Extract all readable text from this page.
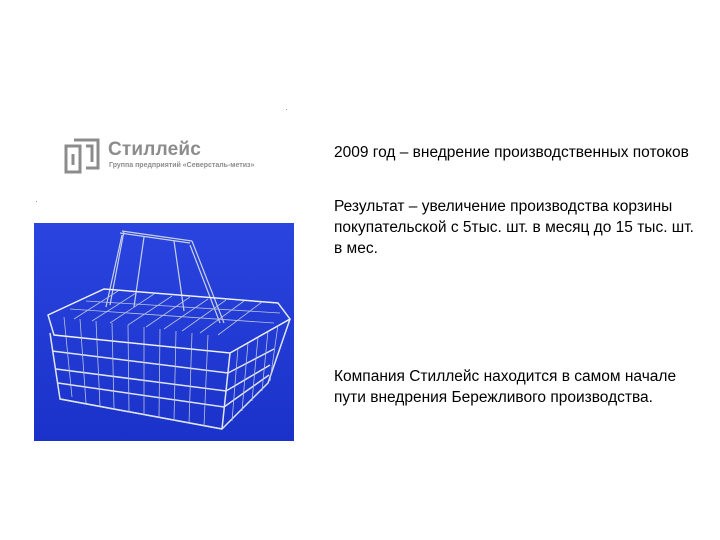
Стиллейс
Группа предприятий «Северсталь-метиз»
2009 год – внедрение производственных потоков
Результат – увеличение производства корзины покупательской с 5тыс. шт. в месяц до 15 тыс. шт. в мес.
Компания Стиллейс находится в самом начале пути внедрения Бережливого производства.
